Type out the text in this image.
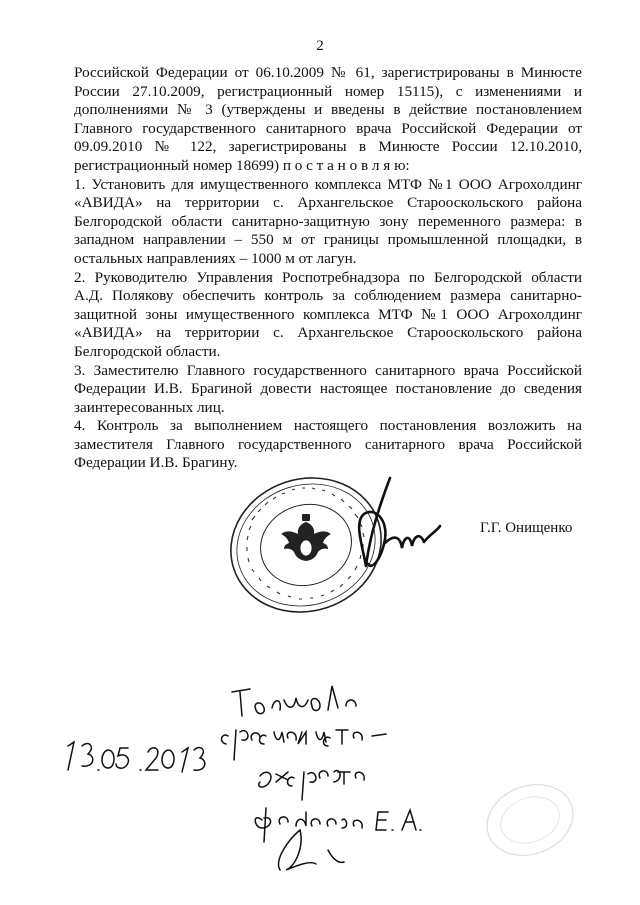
2

Российской Федерации от 06.10.2009 № 61, зарегистрированы в Минюсте России 27.10.2009, регистрационный номер 15115), с изменениями и дополнениями № 3 (утверждены и введены в действие постановлением Главного государственного санитарного врача Российской Федерации от 09.09.2010 № 122, зарегистрированы в Минюсте России 12.10.2010, регистрационный номер 18699) п о с т а н о в л я ю:

1. Установить для имущественного комплекса МТФ №1 ООО Агрохолдинг «АВИДА» на территории с. Архангельское Старооскольского района Белгородской области санитарно-защитную зону переменного размера: в западном направлении – 550 м от границы промышленной площадки, в остальных направлениях – 1000 м от лагун.

2. Руководителю Управления Роспотребнадзора по Белгородской области А.Д. Полякову обеспечить контроль за соблюдением размера санитарно-защитной зоны имущественного комплекса МТФ №1 ООО Агрохолдинг «АВИДА» на территории с. Архангельское Старооскольского района Белгородской области.

3. Заместителю Главного государственного санитарного врача Российской Федерации И.В. Брагиной довести настоящее постановление до сведения заинтересованных лиц.

4. Контроль за выполнением настоящего постановления возложить на заместителя Главного государственного санитарного врача Российской Федерации И.В. Брагину.

Г.Г. Онищенко
